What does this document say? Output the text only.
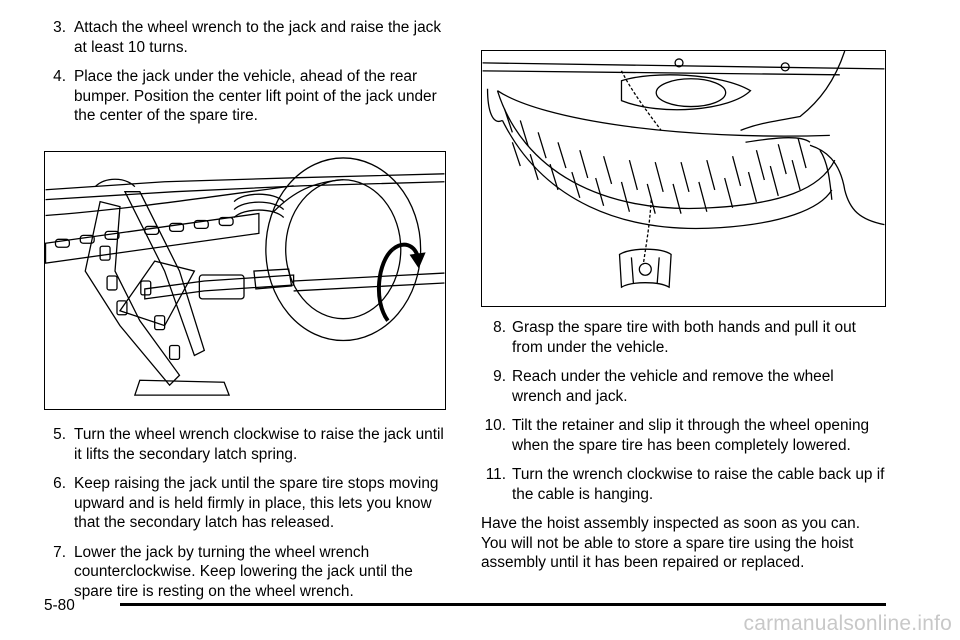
3. Attach the wheel wrench to the jack and raise the jack at least 10 turns.
4. Place the jack under the vehicle, ahead of the rear bumper. Position the center lift point of the jack under the center of the spare tire.
5. Turn the wheel wrench clockwise to raise the jack until it lifts the secondary latch spring.
6. Keep raising the jack until the spare tire stops moving upward and is held firmly in place, this lets you know that the secondary latch has released.
7. Lower the jack by turning the wheel wrench counterclockwise. Keep lowering the jack until the spare tire is resting on the wheel wrench.
8. Grasp the spare tire with both hands and pull it out from under the vehicle.
9. Reach under the vehicle and remove the wheel wrench and jack.
10. Tilt the retainer and slip it through the wheel opening when the spare tire has been completely lowered.
11. Turn the wrench clockwise to raise the cable back up if the cable is hanging.

Have the hoist assembly inspected as soon as you can. You will not be able to store a spare tire using the hoist assembly until it has been repaired or replaced.

5-80
carmanualsonline.info
